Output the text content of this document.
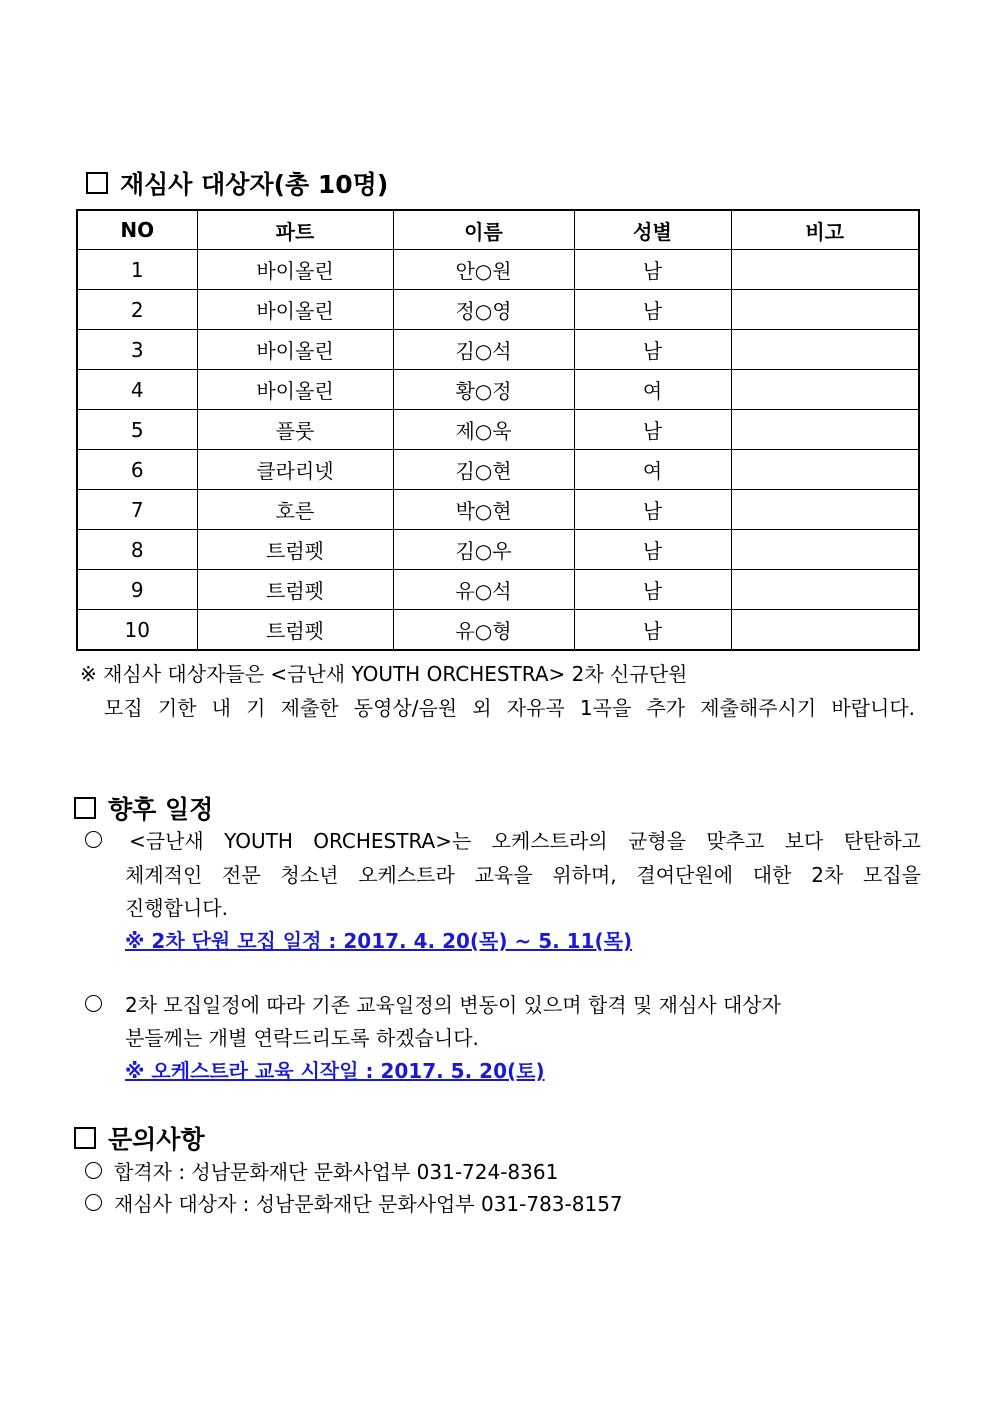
재심사 대상자(총 10명)
NO	파트	이름	성별	비고
1	바이올린	안○원	남	
2	바이올린	정○영	남	
3	바이올린	김○석	남	
4	바이올린	황○정	여	
5	플룻	제○욱	남	
6	클라리넷	김○현	여	
7	호른	박○현	남	
8	트럼펫	김○우	남	
9	트럼펫	유○석	남	
10	트럼펫	유○형	남	
※ 재심사 대상자들은 <금난새 YOUTH ORCHESTRA> 2차 신규단원
모집 기한 내 기 제출한 동영상/음원 외 자유곡 1곡을 추가 제출해주시기 바랍니다.
향후 일정
<금난새 YOUTH ORCHESTRA>는 오케스트라의 균형을 맞추고 보다 탄탄하고
체계적인 전문 청소년 오케스트라 교육을 위하며, 결여단원에 대한 2차 모집을
진행합니다.
※ 2차 단원 모집 일정 : 2017. 4. 20(목) ~ 5. 11(목)
2차 모집일정에 따라 기존 교육일정의 변동이 있으며 합격 및 재심사 대상자
분들께는 개별 연락드리도록 하겠습니다.
※ 오케스트라 교육 시작일 : 2017. 5. 20(토)
문의사항
합격자 : 성남문화재단 문화사업부 031-724-8361
재심사 대상자 : 성남문화재단 문화사업부 031-783-8157
